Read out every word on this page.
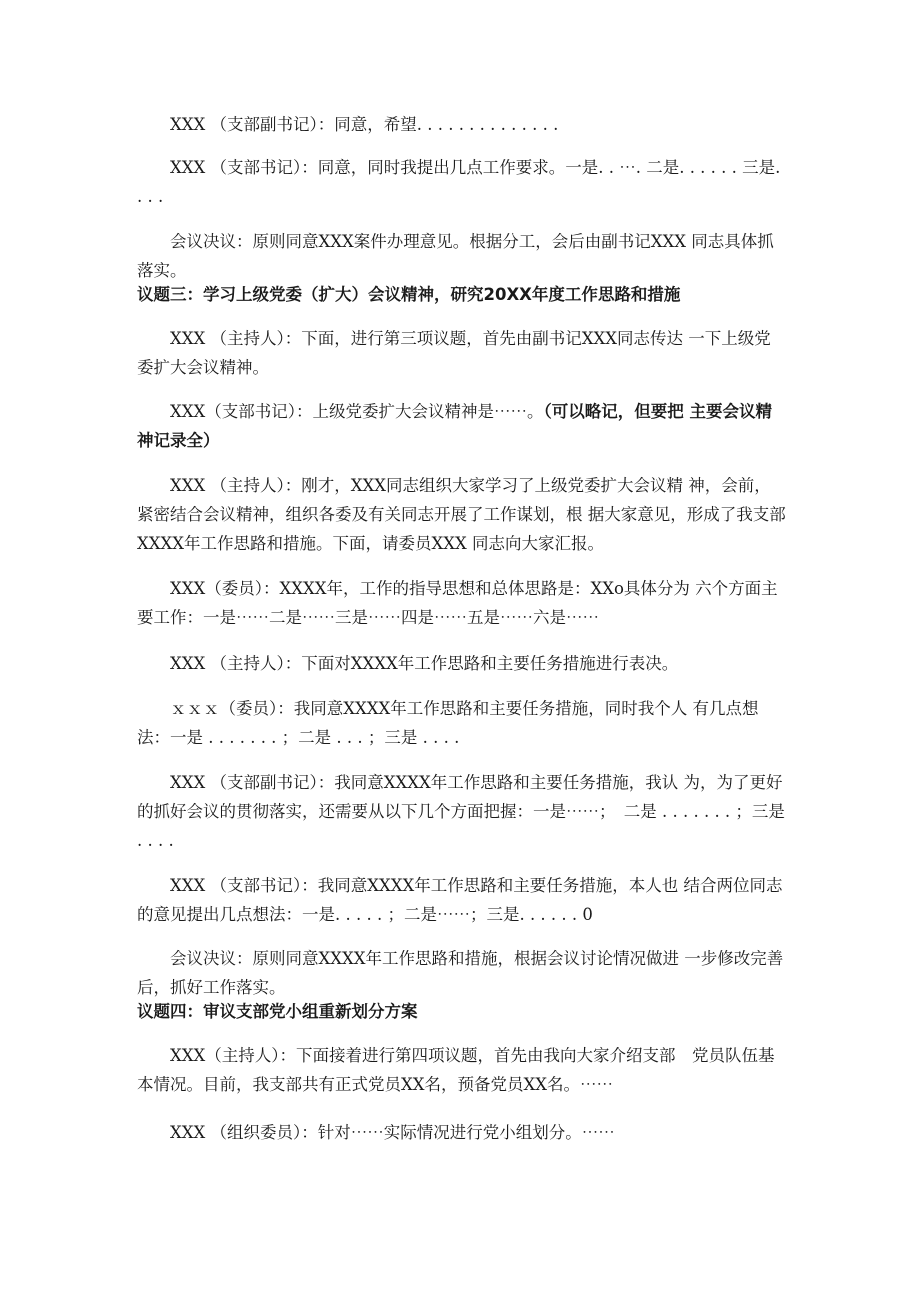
XXX （支部副书记）：同意，希望. . . . . . . . . . . . . .

XXX （支部书记）：同意，同时我提出几点工作要求。一是. . ⋯. 二是. . . . . . 三是. . . .

会议决议：原则同意XXX案件办理意见。根据分工，会后由副书记XXX 同志具体抓落实。

议题三：学习上级党委（扩大）会议精神，研究20XX年度工作思路和措施

XXX （主持人）：下面，进行第三项议题，首先由副书记XXX同志传达 一下上级党委扩大会议精神。

XXX（支部书记）：上级党委扩大会议精神是⋯⋯。（可以略记，但要把 主要会议精神记录全）

XXX （主持人）：刚才，XXX同志组织大家学习了上级党委扩大会议精 神，会前，紧密结合会议精神，组织各委及有关同志开展了工作谋划，根 据大家意见，形成了我支部XXXX年工作思路和措施。下面，请委员XXX 同志向大家汇报。

XXX（委员）：XXXX年，工作的指导思想和总体思路是：XXo具体分为 六个方面主要工作：一是⋯⋯二是⋯⋯三是⋯⋯四是⋯⋯五是⋯⋯六是⋯⋯

XXX （主持人）：下面对XXXX年工作思路和主要任务措施进行表决。

ｘｘｘ（委员）：我同意XXXX年工作思路和主要任务措施，同时我个人 有几点想法：一是 . . . . . . . ；二是 . . . ；三是 . . . .

XXX （支部副书记）：我同意XXXX年工作思路和主要任务措施，我认 为，为了更好的抓好会议的贯彻落实，还需要从以下几个方面把握：一是⋯⋯；　二是 . . . . . . . ；三是 . . . .

XXX （支部书记）：我同意XXXX年工作思路和主要任务措施，本人也 结合两位同志的意见提出几点想法：一是. . . . . ；二是⋯⋯；三是. . . . . . 0

会议决议：原则同意XXXX年工作思路和措施，根据会议讨论情况做进 一步修改完善后，抓好工作落实。

议题四：审议支部党小组重新划分方案

XXX（主持人）：下面接着进行第四项议题，首先由我向大家介绍支部　党员队伍基本情况。目前，我支部共有正式党员XX名，预备党员XX名。⋯⋯

XXX （组织委员）：针对⋯⋯实际情况进行党小组划分。⋯⋯
